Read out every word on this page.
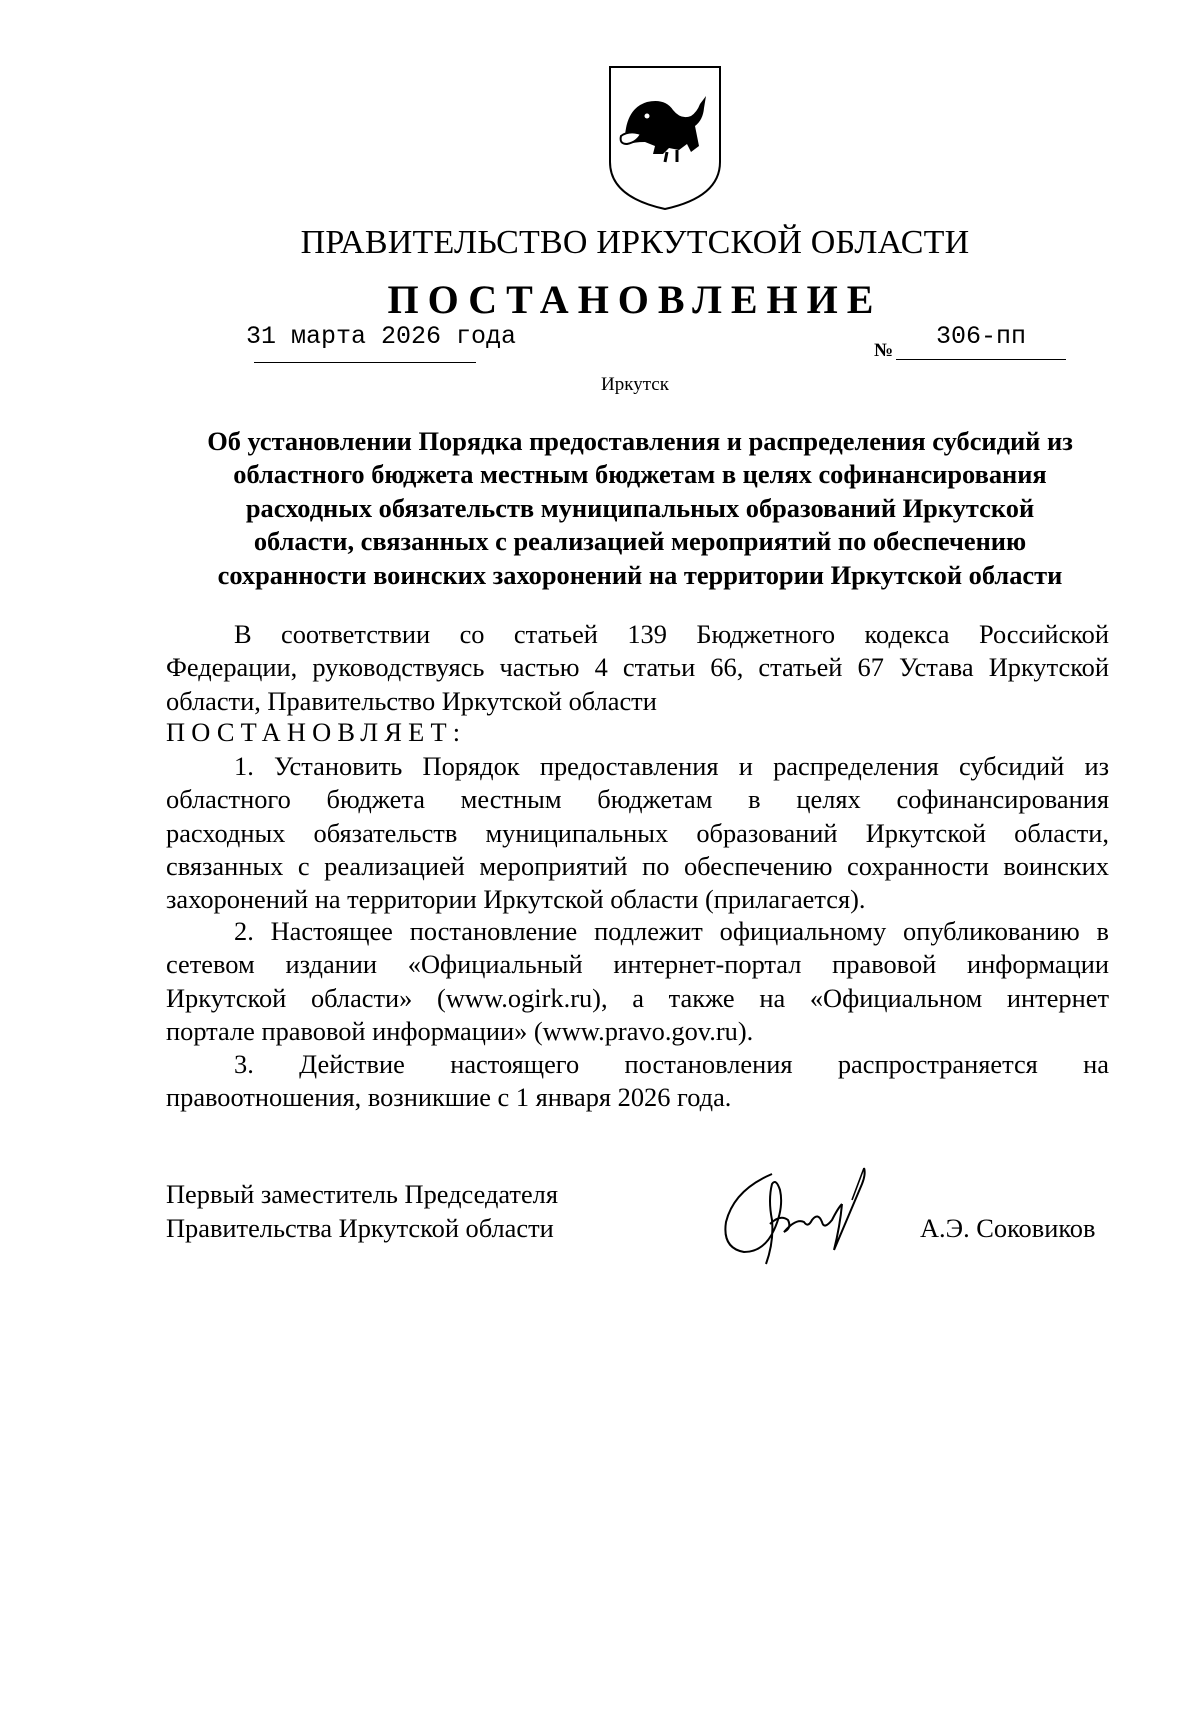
ПРАВИТЕЛЬСТВО ИРКУТСКОЙ ОБЛАСТИ
ПОСТАНОВЛЕНИЕ
31 марта 2026 года	№ 306-пп
Иркутск
Об установлении Порядка предоставления и распределения субсидий из
областного бюджета местным бюджетам в целях софинансирования
расходных обязательств муниципальных образований Иркутской
области, связанных с реализацией мероприятий по обеспечению
сохранности воинских захоронений на территории Иркутской области
В соответствии со статьей 139 Бюджетного кодекса Российской
Федерации, руководствуясь частью 4 статьи 66, статьей 67 Устава Иркутской
области, Правительство Иркутской области
ПОСТАНОВЛЯЕТ:
1. Установить Порядок предоставления и распределения субсидий из
областного бюджета местным бюджетам в целях софинансирования
расходных обязательств муниципальных образований Иркутской области,
связанных с реализацией мероприятий по обеспечению сохранности воинских
захоронений на территории Иркутской области (прилагается).
2. Настоящее постановление подлежит официальному опубликованию в
сетевом издании «Официальный интернет-портал правовой информации
Иркутской области» (www.ogirk.ru), а также на «Официальном интернет
портале правовой информации» (www.pravo.gov.ru).
3. Действие настоящего постановления распространяется на
правоотношения, возникшие с 1 января 2026 года.
Первый заместитель Председателя
Правительства Иркутской области	А.Э. Соковиков
